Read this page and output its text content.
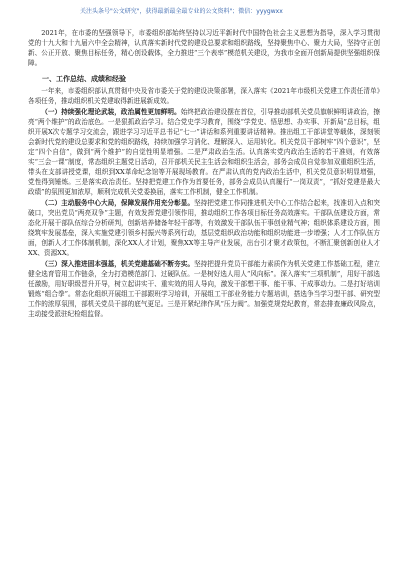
关注头条号"公文研究"，获得最新最全最专业的公文资料"；微信：yyygwxx

2021年，在市委的坚强领导下，市委组织部始终坚持以习近平新时代中国特色社会主义思想为指导，深入学习贯彻党的十九大和十九届六中全会精神，认真落实新时代党的建设总要求和组织路线，坚持聚焦中心、聚力大局，坚持守正创新、公正开放、聚焦目标任务，精心创设载体，全力推进“三个表率”模范机关建设，为我市全面开创新局提供坚强组织保障。

一、工作总结、成绩和经验

一年来，市委组织部认真贯彻中央及省市委关于党的建设决策部署，深入落实《2021年市级机关党建工作责任清单》各项任务，推动组织机关党建取得新进展新成效。

（一）持续强化理论武装，政治属性更加鲜明。始终把政治建设摆在首位，引导推动部机关党员旗帜鲜明讲政治，擦亮“两个维护”的政治底色。一是狠抓政治学习。结合党史学习教育，围绕“学党史、悟思想、办实事、开新局”总目标，组织开展X次专题学习交流会，跟进学习习近平总书记“七一”讲话和系列重要讲话精神。推出组工干部讲堂等载体，深刻领会新时代党的建设总要求和党的组织路线，持续加强学习消化、理解深入、运用转化。机关党员干部树牢“四个意识”，坚定“四个自信”，做到“两个维护”的自觉性明显增强。二是严肃政治生活。认真落实党内政治生活的若干准则，有效落实“三会一课”制度，常态组织主题党日活动，召开部机关民主生活会和组织生活会，部务会成员自觉参加双重组织生活，带头在支部讲授党课，组织到XX革命纪念馆等开展现场教育。在严肃认真的党内政治生活中，机关党员意识明显增强，党性得到锤炼。三是落实政治责任。坚持把党建工作作为首要任务，部务会成员认真履行“一岗双责”，“抓好党建是最大政绩”的氛围更加浓厚，顺利完成机关党委换届，落实工作机制，健全工作机制。

（二）主动服务中心大局，保障发展作用充分彰显。坚持把党建工作同推进机关中心工作结合起来，找准切入点和突破口，突出党员“两亮双争”主题，有效发挥党建引领作用，推动组织工作各项目标任务高效落实。干部队伍建设方面，常态化开展干部队伍综合分析研判，创新培养储备年轻干部等，有效激发干部队伍干事创业精气神；组织体系建设方面，围绕筑牢发展基垒，深入实施党建引领乡村振兴等系列行动，基层党组织政治功能和组织功能进一步增强；人才工作队伍方面，创新人才工作体制机制，深化XX人才计划，聚焦XX等主导产业发展，出台引才聚才政策包，不断汇聚创新创业人才XX、资源XX。

（三）深入推进固本强基，机关党建基础不断夯实。坚持把提升党员干部能力素质作为机关党建工作基础工程，建立健全选育管用工作链条，全力打造模范部门、过硬队伍。一是树好选人用人“风向标”。深入落实“三项机制”，用好干部选任激励，用好职级晋升开导，树立起讲实干、重实效的用人导向，激发干部想干事、能干事、干成事动力。二是打好培训锻炼“组合拳”。常态化组织开展组工干部跟班学习培训，开展组工干部业务能力专题培训，搭选争当学习型干部、研究型工作的浓厚氛围，部机关党员干部的底气更足。三是开紧纪律作风“压力阀”。加强党规党纪教育，常态排查廉政风险点，主动接受派驻纪检组监督。
